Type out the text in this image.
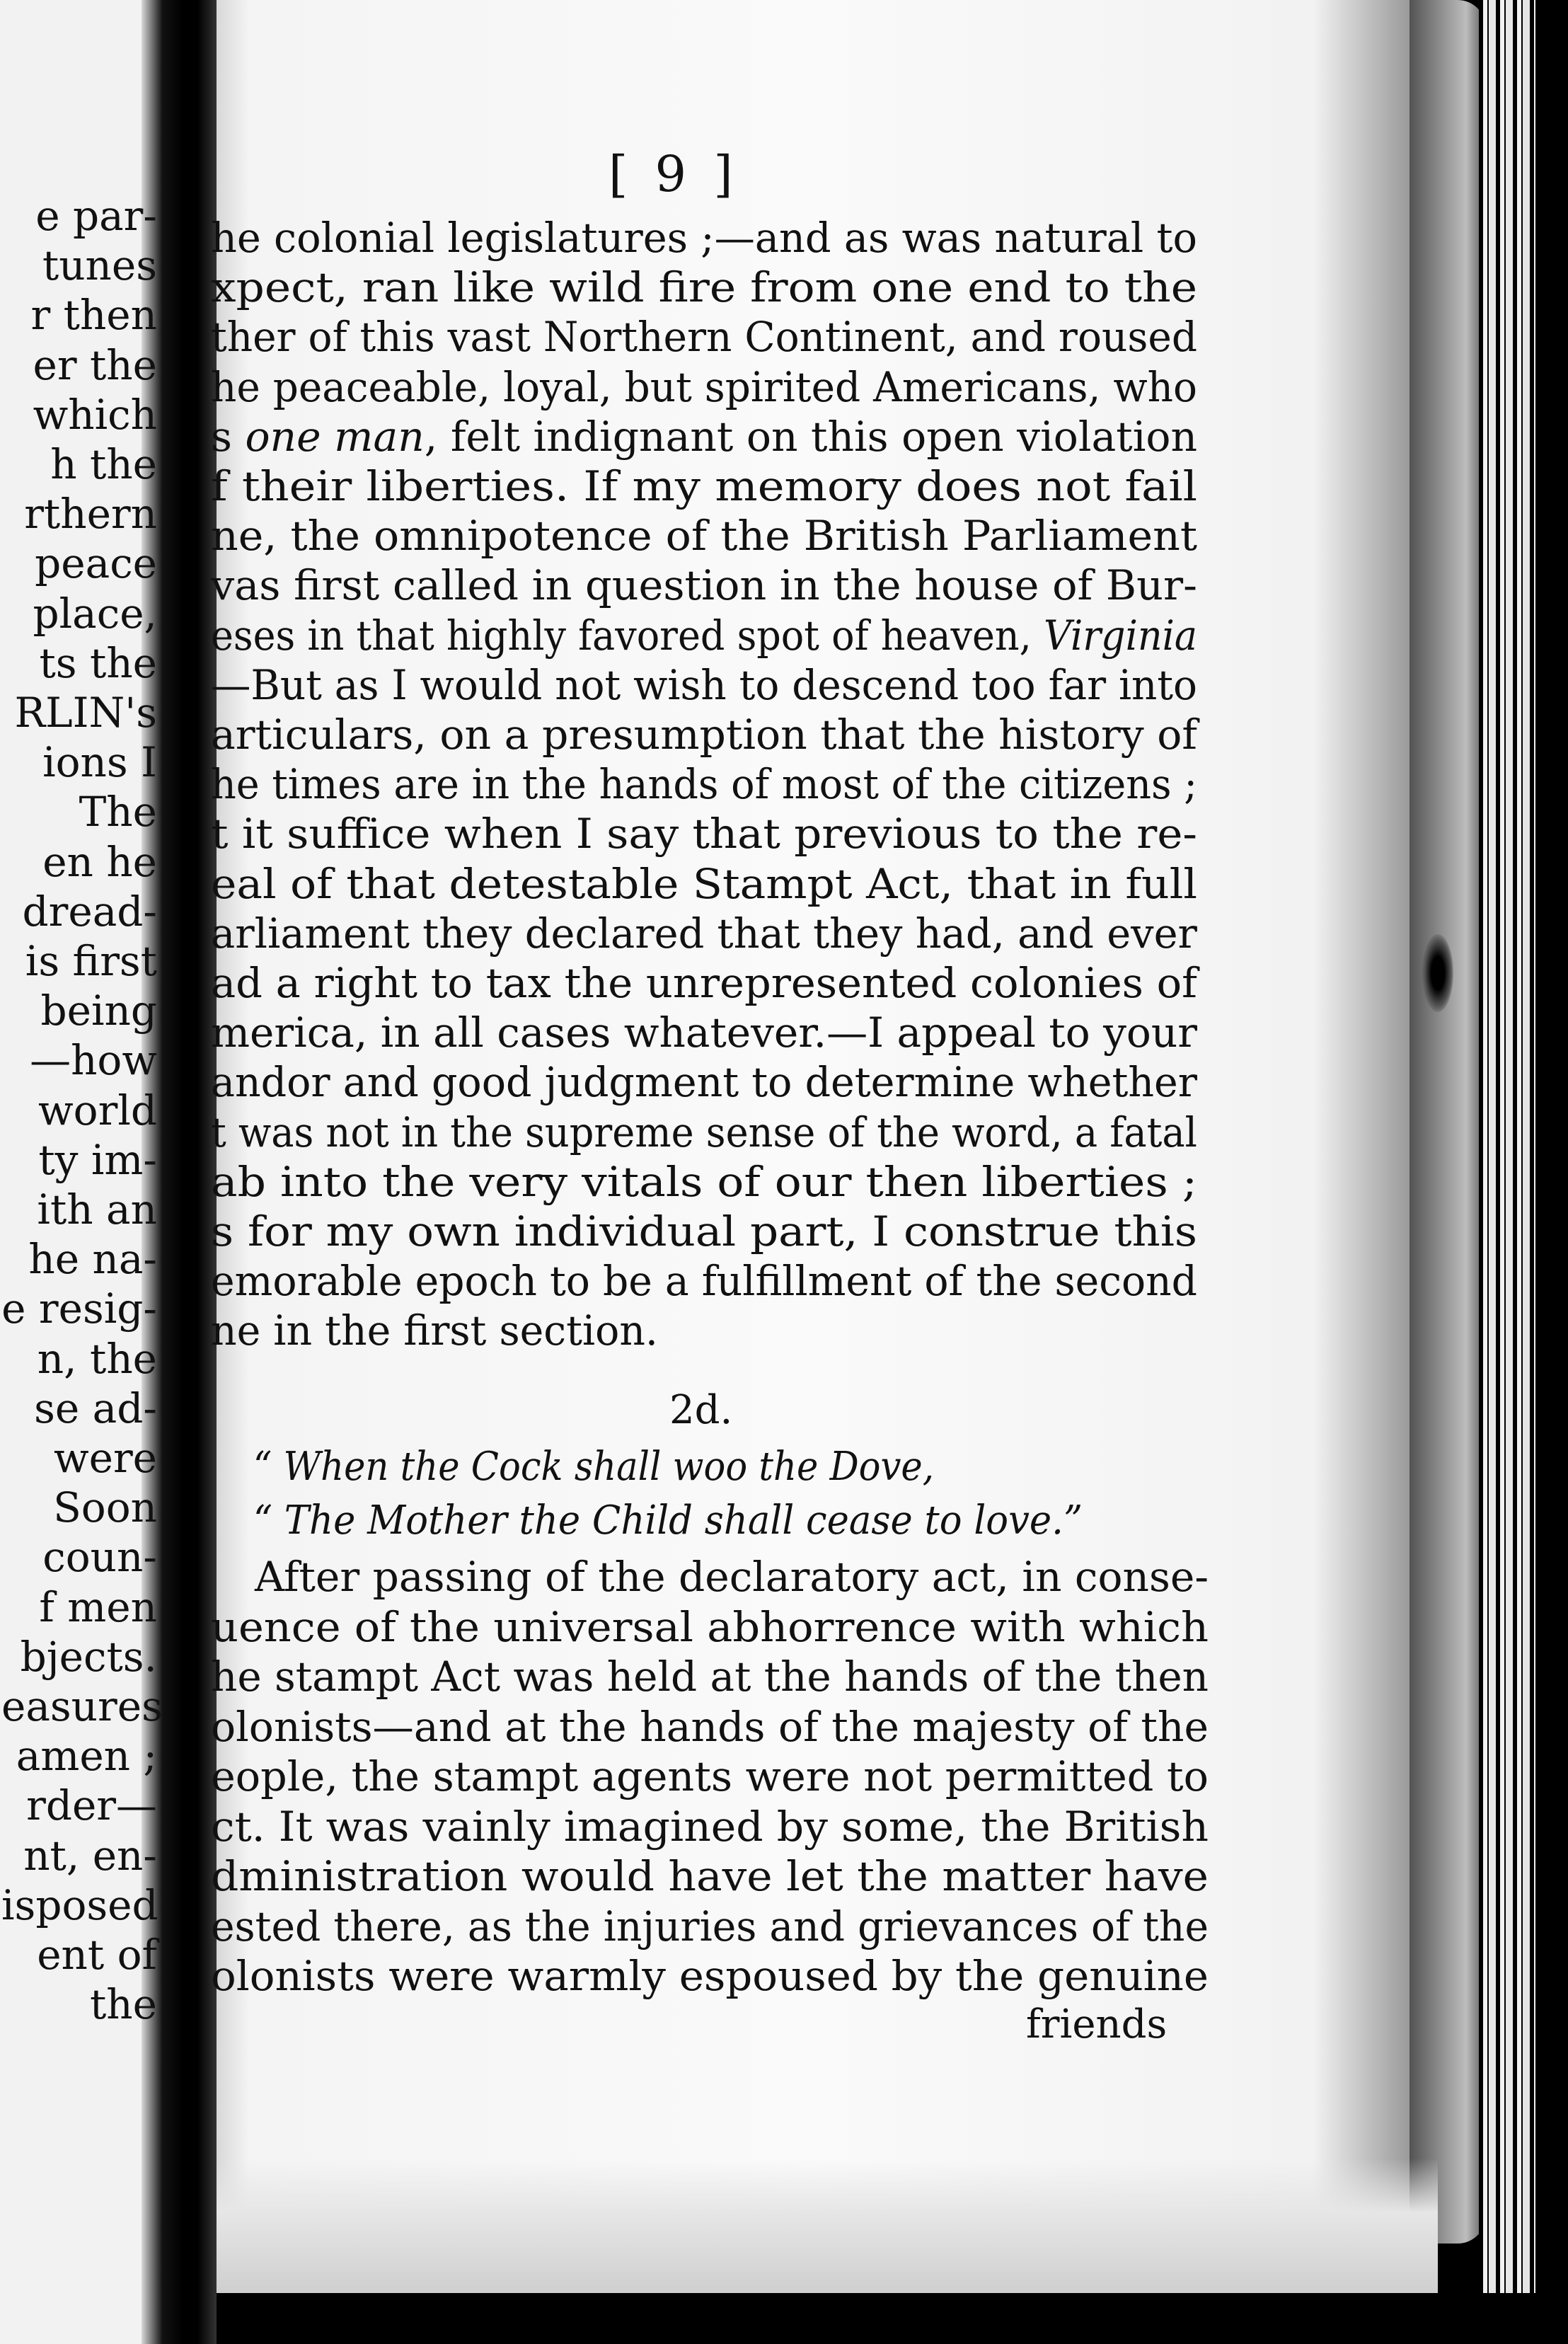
e par-
tunes
r then
er the
which
h the
rthern
peace
place,
ts the
RLIN's
ions I
The
en he
dread-
is first
being
—how
world
ty im-
ith an
he na-
e resig-
n, the
se ad-
were
Soon
coun-
f men
bjects.
easures
amen ;
rder—
nt, en-
isposed
ent of
the
[ 9 ]
he colonial legislatures ;—and as was natural to
xpect, ran like wild fire from one end to the
ther of this vast Northern Continent, and roused
he peaceable, loyal, but spirited Americans, who
s one man, felt indignant on this open violation
f their liberties. If my memory does not fail
ne, the omnipotence of the British Parliament
vas first called in question in the house of Bur-
eses in that highly favored spot of heaven, Virginia
—But as I would not wish to descend too far into
articulars, on a presumption that the history of
he times are in the hands of most of the citizens ;
t it suffice when I say that previous to the re-
eal of that detestable Stampt Act, that in full
arliament they declared that they had, and ever
ad a right to tax the unrepresented colonies of
merica, in all cases whatever.—I appeal to your
andor and good judgment to determine whether
t was not in the supreme sense of the word, a fatal
ab into the very vitals of our then liberties ;
s for my own individual part, I construe this
emorable epoch to be a fulfillment of the second
ne in the first section.
2d.
“ When the Cock shall woo the Dove,
“ The Mother the Child shall cease to love.”
After passing of the declaratory act, in conse-
uence of the universal abhorrence with which
he stampt Act was held at the hands of the then
olonists—and at the hands of the majesty of the
eople, the stampt agents were not permitted to
ct. It was vainly imagined by some, the British
dministration would have let the matter have
ested there, as the injuries and grievances of the
olonists were warmly espoused by the genuine
friends
